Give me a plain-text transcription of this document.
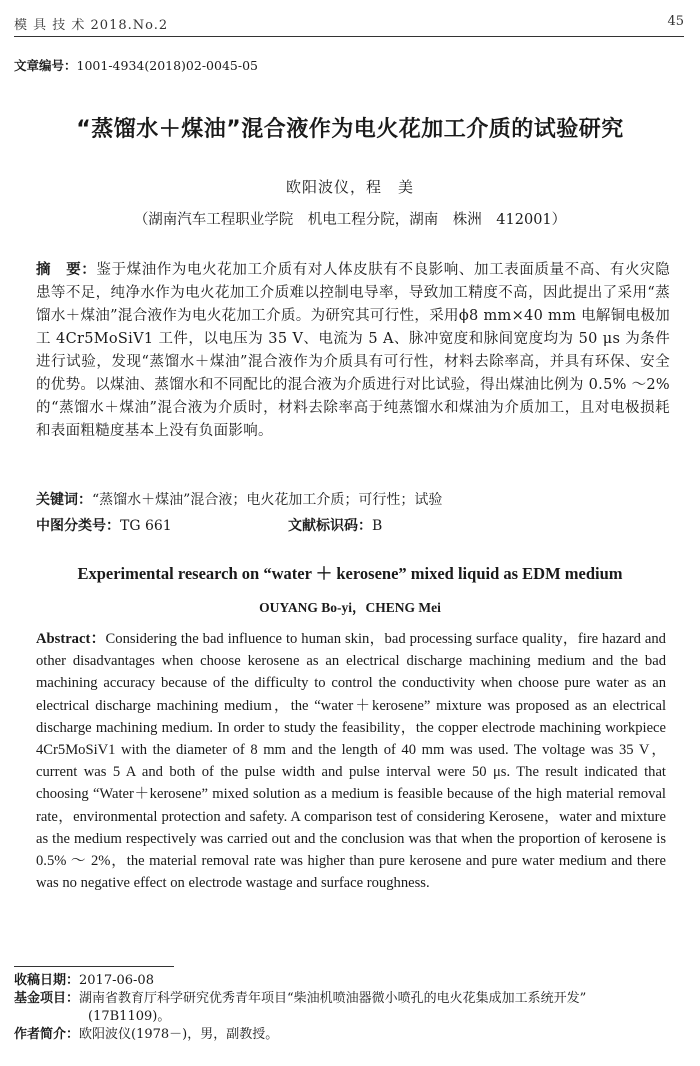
模 具 技 术 2018.No.2	45
文章编号：1001-4934(2018)02-0045-05
“蒸馏水＋煤油”混合液作为电火花加工介质的试验研究
欧阳波仪，程　美
（湖南汽车工程职业学院　机电工程分院，湖南　株洲　412001）
摘　要：鉴于煤油作为电火花加工介质有对人体皮肤有不良影响、加工表面质量不高、有火灾隐患等不足，纯净水作为电火花加工介质难以控制电导率，导致加工精度不高，因此提出了采用“蒸馏水＋煤油”混合液作为电火花加工介质。为研究其可行性，采用ϕ8 mm×40 mm 电解铜电极加工 4Cr5MoSiV1 工件，以电压为 35 V、电流为 5 A、脉冲宽度和脉间宽度均为 50 μs 为条件进行试验，发现“蒸馏水＋煤油”混合液作为介质具有可行性，材料去除率高，并具有环保、安全的优势。以煤油、蒸馏水和不同配比的混合液为介质进行对比试验，得出煤油比例为 0.5% ～2% 的“蒸馏水＋煤油”混合液为介质时，材料去除率高于纯蒸馏水和煤油为介质加工，且对电极损耗和表面粗糙度基本上没有负面影响。
关键词：“蒸馏水＋煤油”混合液；电火花加工介质；可行性；试验
中图分类号：TG 661	文献标识码：B
Experimental research on “water ＋ kerosene” mixed liquid as EDM medium
OUYANG Bo-yi，CHENG Mei
Abstract：Considering the bad influence to human skin，bad processing surface quality，fire hazard and other disadvantages when choose kerosene as an electrical discharge machining medium and the bad machining accuracy because of the difficulty to control the conductivity when choose pure water as an electrical discharge machining medium，the “water＋kerosene” mixture was proposed as an electrical discharge machining medium. In order to study the feasibility，the copper electrode machining workpiece 4Cr5MoSiV1 with the diameter of 8 mm and the length of 40 mm was used. The voltage was 35 V，current was 5 A and both of the pulse width and pulse interval were 50 μs. The result indicated that choosing “Water＋kerosene” mixed solution as a medium is feasible because of the high material removal rate，environmental protection and safety. A comparison test of considering Kerosene，water and mixture as the medium respectively was carried out and the conclusion was that when the proportion of kerosene is 0.5% ～ 2%，the material removal rate was higher than pure kerosene and pure water medium and there was no negative effect on electrode wastage and surface roughness.
收稿日期：2017-06-08
基金项目：湖南省教育厅科学研究优秀青年项目“柴油机喷油器微小喷孔的电火花集成加工系统开发”
(17B1109)。
作者简介：欧阳波仪(1978－)，男，副教授。
